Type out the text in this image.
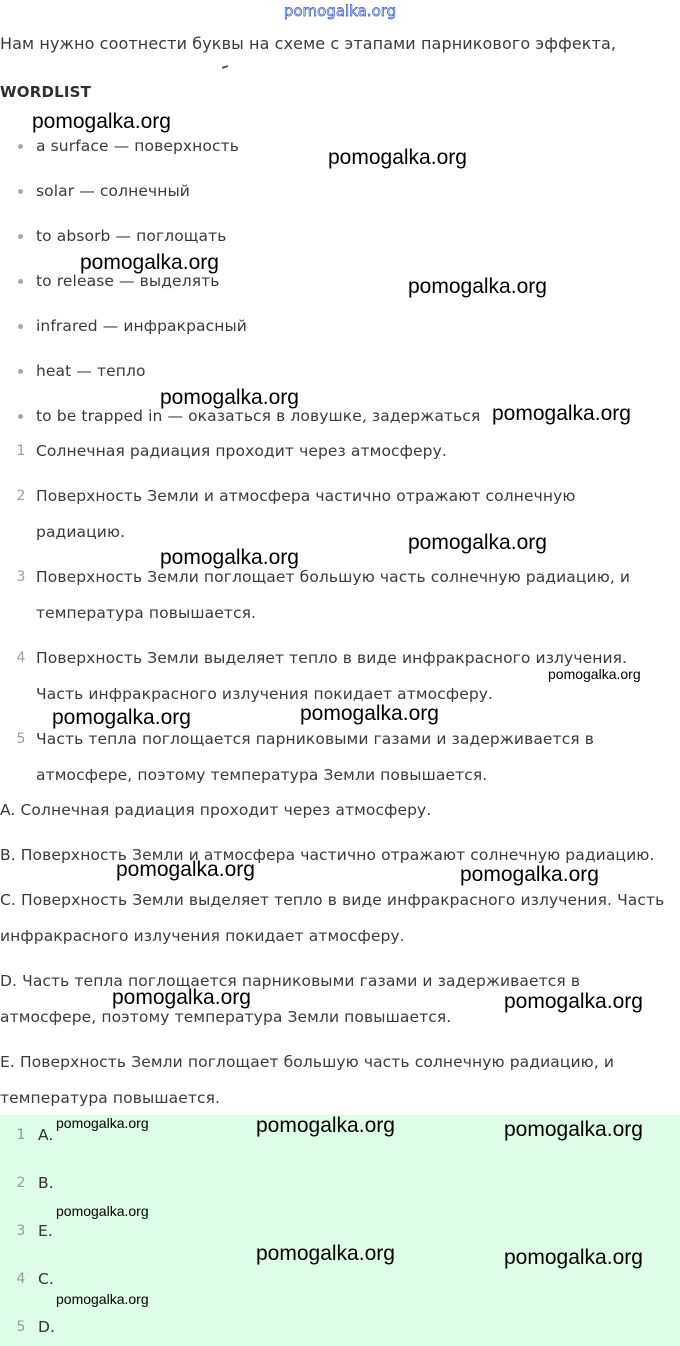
pomogalka.org
Нам нужно соотнести буквы на схеме с этапами парникового эффекта,
WORDLIST
a surface — поверхность
solar — солнечный
to absorb — поглощать
to release — выделять
infrared — инфракрасный
heat — тепло
to be trapped in — оказаться в ловушке, задержаться
1 Солнечная радиация проходит через атмосферу.
2 Поверхность Земли и атмосфера частично отражают солнечную
радиацию.
3 Поверхность Земли поглощает большую часть солнечную радиацию, и
температура повышается.
4 Поверхность Земли выделяет тепло в виде инфракрасного излучения.
Часть инфракрасного излучения покидает атмосферу.
5 Часть тепла поглощается парниковыми газами и задерживается в
атмосфере, поэтому температура Земли повышается.
A. Солнечная радиация проходит через атмосферу.
B. Поверхность Земли и атмосфера частично отражают солнечную радиацию.
C. Поверхность Земли выделяет тепло в виде инфракрасного излучения. Часть
инфракрасного излучения покидает атмосферу.
D. Часть тепла поглощается парниковыми газами и задерживается в
атмосфере, поэтому температура Земли повышается.
E. Поверхность Земли поглощает большую часть солнечную радиацию, и
температура повышается.
1 A.
2 B.
3 E.
4 C.
5 D.
pomogalka.org
pomogalka.org
pomogalka.org
pomogalka.org
pomogalka.org
pomogalka.org
pomogalka.org
pomogalka.org
pomogalka.org
pomogalka.org	pomogalka.org
pomogalka.org	pomogalka.org
pomogalka.org	pomogalka.org
pomogalka.org	pomogalka.org	pomogalka.org
pomogalka.org
pomogalka.org	pomogalka.org
pomogalka.org
